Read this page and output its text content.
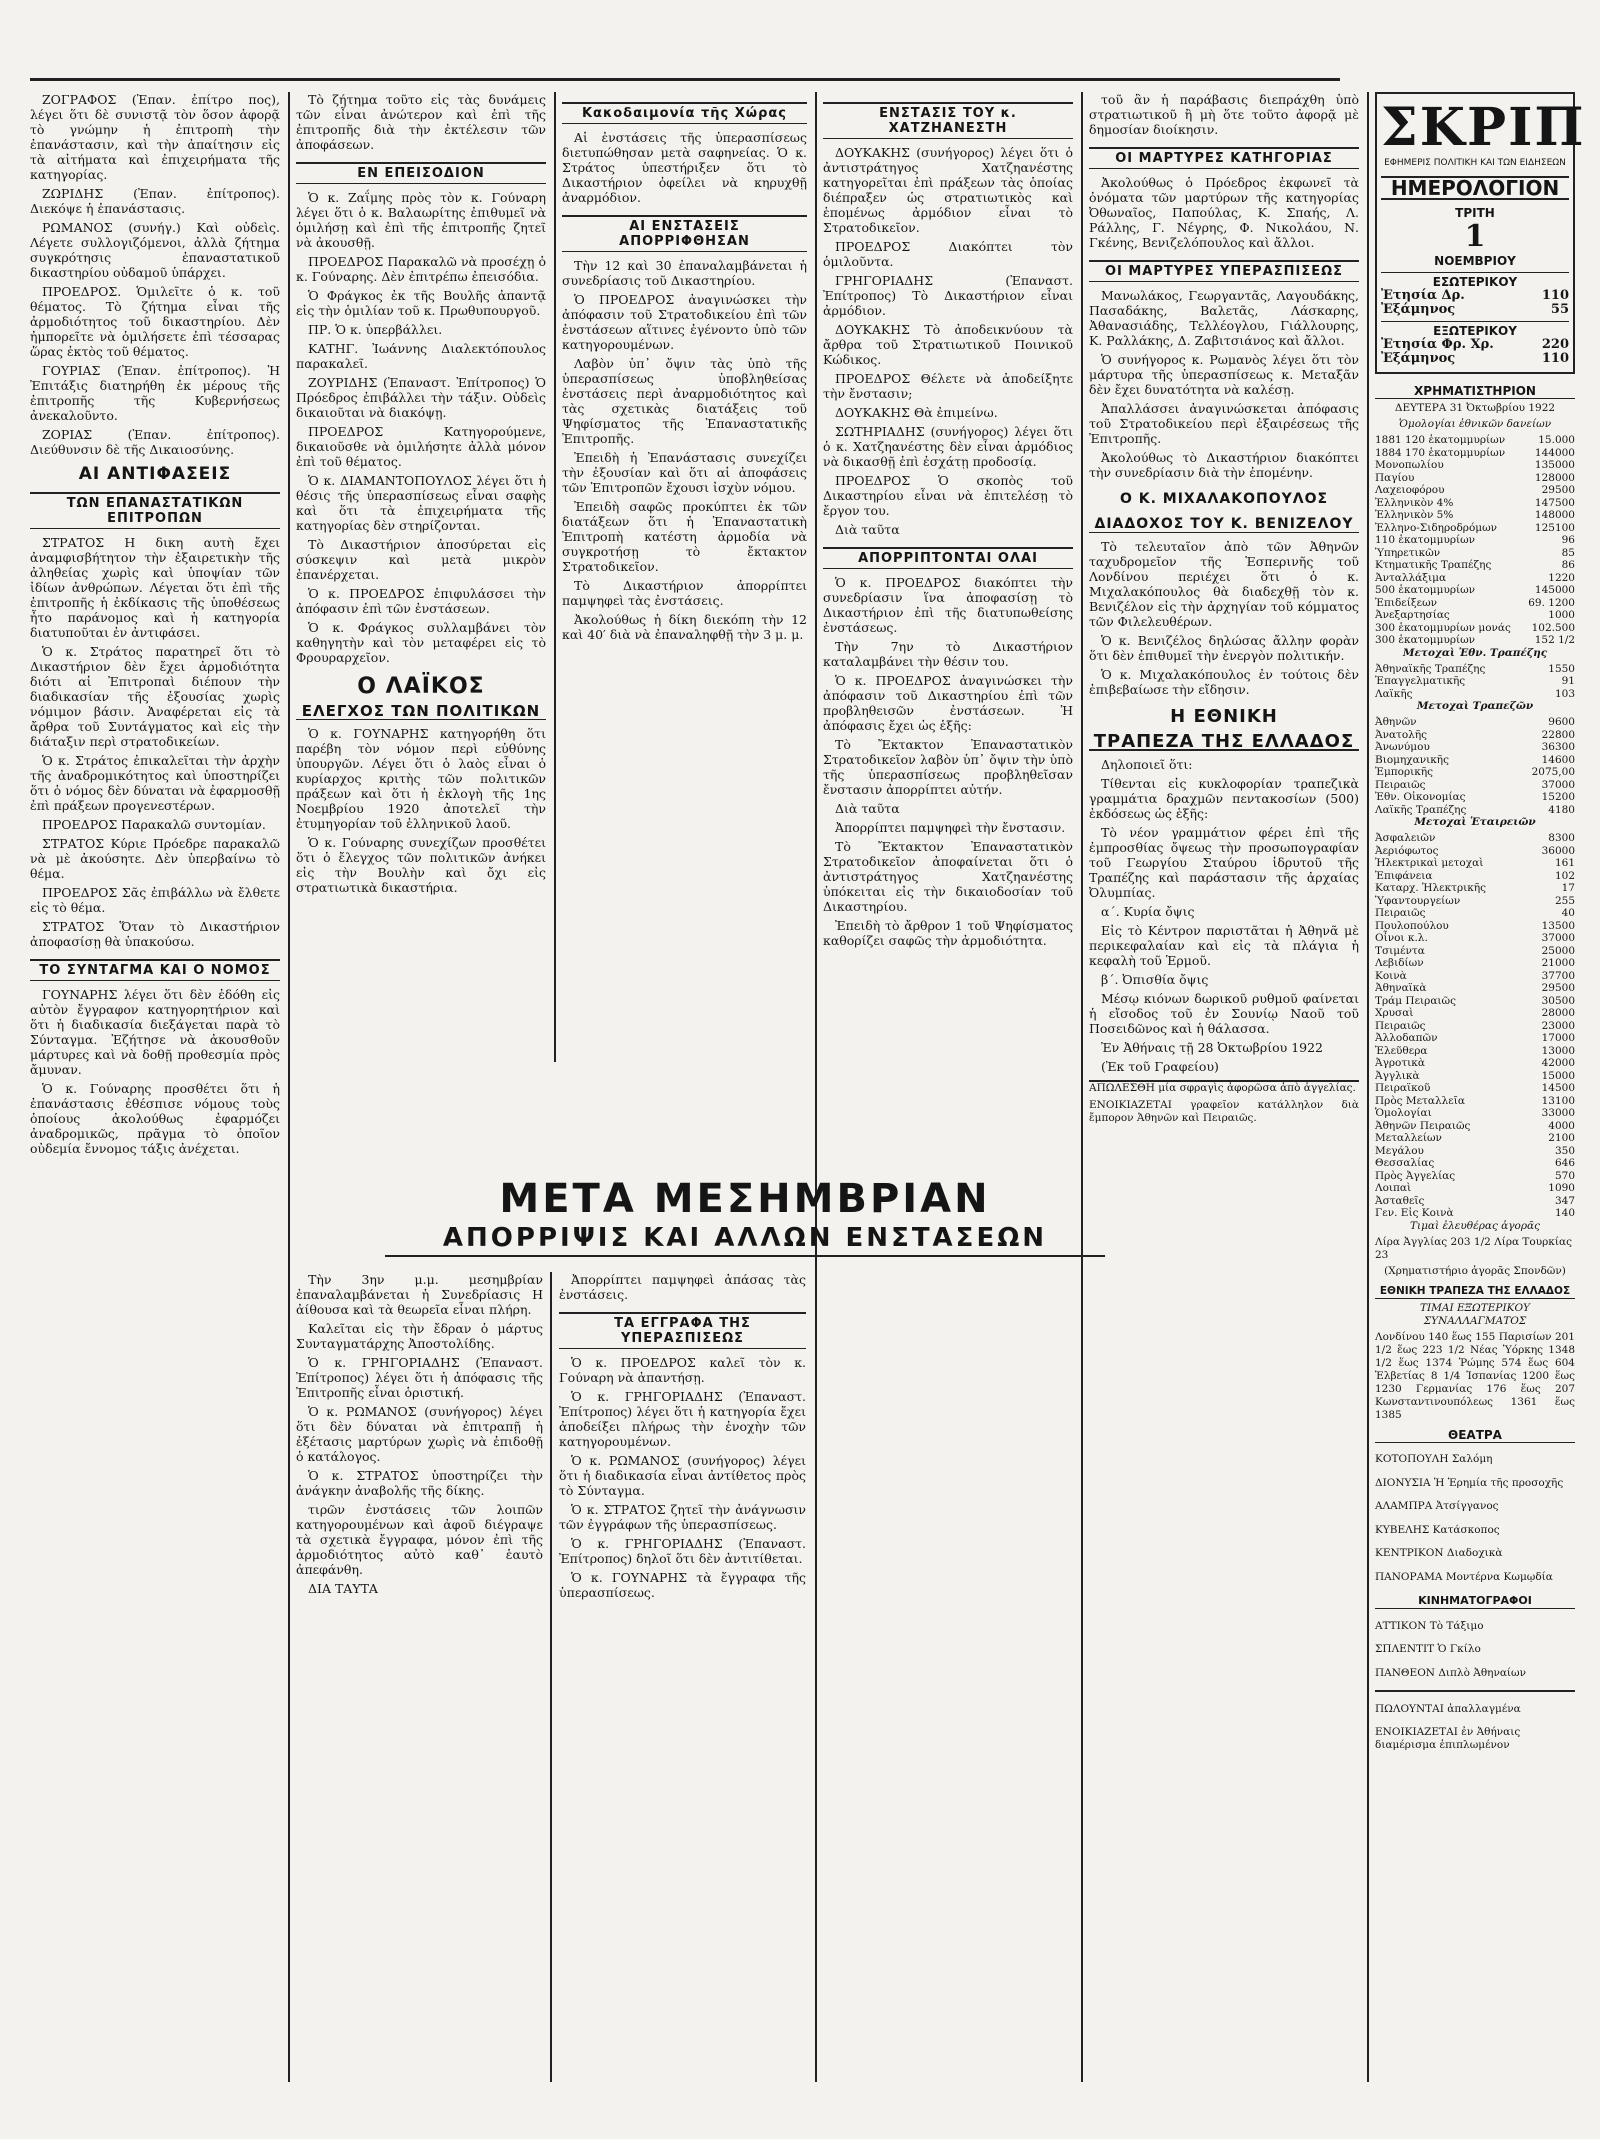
ΖΟΓΡΑΦΟΣ (Ἐπαν. ἐπίτρο πος), λέγει ὅτι δὲ συνιστᾷ τὸν ὅσον ἀφορᾷ τὸ γνώμην ἡ ἐπιτροπὴ τὴν ἐπανάστασιν, καὶ τὴν ἀπαίτησιν εἰς τὰ αἰτήματα καὶ ἐπιχειρήματα τῆς κατηγορίας.

ΖΩΡΙΔΗΣ (Ἐπαν. ἐπίτροπος). Διεκόψε ἡ ἐπανάστασις.

ΡΩΜΑΝΟΣ (συνήγ.) Καὶ οὐδεὶς. Λέγετε συλλογιζόμενοι, ἀλλὰ ζήτημα συγκρότησις ἐπαναστατικοῦ δικαστηρίου οὐδαμοῦ ὑπάρχει.

ΠΡΟΕΔΡΟΣ. Ὁμιλεῖτε ὁ κ. τοῦ θέματος. Τὸ ζήτημα εἶναι τῆς ἀρμοδιότητος τοῦ δικαστηρίου. Δὲν ἠμπορεῖτε νὰ ὁμιλήσετε ἐπὶ τέσσαρας ὥρας ἐκτὸς τοῦ θέματος.

ΓΟΥΡΙΑΣ (Ἐπαν. ἐπίτροπος). Ἡ Ἐπιτάξις διατηρήθη ἐκ μέρους τῆς ἐπιτροπῆς τῆς Κυβερνήσεως ἀνεκαλοῦντο.

ΖΟΡΙΑΣ (Ἐπαν. ἐπίτροπος). Διεύθυνσιν δὲ τῆς Δικαιοσύνης.

ΑΙ ΑΝΤΙΦΑΣΕΙΣ
ΤΩΝ ΕΠΑΝΑΣΤΑΤΙΚΩΝ ΕΠΙΤΡΟΠΩΝ

ΣΤΡΑΤΟΣ Η δικη αυτὴ ἔχει ἀναμφισβήτητον τὴν ἐξαιρετικὴν τῆς ἀληθείας χωρὶς καὶ ὑποψίαν τῶν ἰδίων ἀνθρώπων. Λέγεται ὅτι ἐπὶ τῆς ἐπιτροπῆς ἡ ἐκδίκασις τῆς ὑποθέσεως ἦτο παράνομος καὶ ἡ κατηγορία διατυποῦται ἐν ἀντιφάσει.

Ὁ κ. Στράτος παρατηρεῖ ὅτι τὸ Δικαστήριον δὲν ἔχει ἀρμοδιότητα διότι αἱ Ἐπιτροπαὶ διέπουν τὴν διαδικασίαν τῆς ἐξουσίας χωρὶς νόμιμον βάσιν. Ἀναφέρεται εἰς τὰ ἄρθρα τοῦ Συντάγματος καὶ εἰς τὴν διάταξιν περὶ στρατοδικείων.

Ὁ κ. Στράτος ἐπικαλεῖται τὴν ἀρχὴν τῆς ἀναδρομικότητος καὶ ὑποστηρίζει ὅτι ὁ νόμος δὲν δύναται νὰ ἐφαρμοσθῇ ἐπὶ πράξεων προγενεστέρων.

ΠΡΟΕΔΡΟΣ Παρακαλῶ συντομίαν.

ΣΤΡΑΤΟΣ Κύριε Πρόεδρε παρακαλῶ νὰ μὲ ἀκούσητε. Δὲν ὑπερβαίνω τὸ θέμα.

ΠΡΟΕΔΡΟΣ Σᾶς ἐπιβάλλω νὰ ἔλθετε εἰς τὸ θέμα.

ΣΤΡΑΤΟΣ Ὅταν τὸ Δικαστήριον ἀποφασίσῃ θὰ ὑπακούσω.

ΤΟ ΣΥΝΤΑΓΜΑ ΚΑΙ Ο ΝΟΜΟΣ

ΓΟΥΝΑΡΗΣ λέγει ὅτι δὲν ἐδόθη εἰς αὐτὸν ἔγγραφον κατηγορητήριον καὶ ὅτι ἡ διαδικασία διεξάγεται παρὰ τὸ Σύνταγμα. Ἐζήτησε νὰ ἀκουσθοῦν μάρτυρες καὶ νὰ δοθῇ προθεσμία πρὸς ἄμυναν.

Ὁ κ. Γούναρης προσθέτει ὅτι ἡ ἐπανάστασις ἐθέσπισε νόμους τοὺς ὁποίους ἀκολούθως ἐφαρμόζει ἀναδρομικῶς, πρᾶγμα τὸ ὁποῖον οὐδεμία ἔννομος τάξις ἀνέχεται.

Τὸ ζήτημα τοῦτο εἰς τὰς δυνάμεις τῶν εἶναι ἀνώτερον καὶ ἐπὶ τῆς ἐπιτροπῆς διὰ τὴν ἐκτέλεσιν τῶν ἀποφάσεων.

ΕΝ ΕΠΕΙΣΟΔΙΟΝ

Ὁ κ. Ζαΐμης πρὸς τὸν κ. Γούναρη λέγει ὅτι ὁ κ. Βαλαωρίτης ἐπιθυμεῖ νὰ ὁμιλήσῃ καὶ ἐπὶ τῆς ἐπιτροπῆς ζητεῖ νὰ ἀκουσθῇ.

ΠΡΟΕΔΡΟΣ Παρακαλῶ νὰ προσέχῃ ὁ κ. Γούναρης. Δὲν ἐπιτρέπω ἐπεισόδια.

Ὁ Φράγκος ἐκ τῆς Βουλῆς ἀπαντᾷ εἰς τὴν ὁμιλίαν τοῦ κ. Πρωθυπουργοῦ.

ΠΡ. Ὁ κ. ὑπερβάλλει.

ΚΑΤΗΓ. Ἰωάννης Διαλεκτόπουλος παρακαλεῖ.

ΖΟΥΡΙΔΗΣ (Ἐπαναστ. Ἐπίτροπος) Ὁ Πρόεδρος ἐπιβάλλει τὴν τάξιν. Οὐδεὶς δικαιοῦται νὰ διακόψῃ.

ΠΡΟΕΔΡΟΣ Κατηγορούμενε, δικαιοῦσθε νὰ ὁμιλήσητε ἀλλὰ μόνον ἐπὶ τοῦ θέματος.

Ὁ κ. ΔΙΑΜΑΝΤΟΠΟΥΛΟΣ λέγει ὅτι ἡ θέσις τῆς ὑπερασπίσεως εἶναι σαφὴς καὶ ὅτι τὰ ἐπιχειρήματα τῆς κατηγορίας δὲν στηρίζονται.

Τὸ Δικαστήριον ἀποσύρεται εἰς σύσκεψιν καὶ μετὰ μικρὸν ἐπανέρχεται.

Ὁ κ. ΠΡΟΕΔΡΟΣ ἐπιφυλάσσει τὴν ἀπόφασιν ἐπὶ τῶν ἐνστάσεων.

Ὁ κ. Φράγκος συλλαμβάνει τὸν καθηγητὴν καὶ τὸν μεταφέρει εἰς τὸ Φρουραρχεῖον.

Ο ΛΑΪΚΟΣ
ΕΛΕΓΧΟΣ ΤΩΝ ΠΟΛΙΤΙΚΩΝ

Ὁ κ. ΓΟΥΝΑΡΗΣ κατηγορήθη ὅτι παρέβη τὸν νόμον περὶ εὐθύνης ὑπουργῶν. Λέγει ὅτι ὁ λαὸς εἶναι ὁ κυρίαρχος κριτὴς τῶν πολιτικῶν πράξεων καὶ ὅτι ἡ ἐκλογὴ τῆς 1ης Νοεμβρίου 1920 ἀποτελεῖ τὴν ἐτυμηγορίαν τοῦ ἑλληνικοῦ λαοῦ.

Ὁ κ. Γούναρης συνεχίζων προσθέτει ὅτι ὁ ἔλεγχος τῶν πολιτικῶν ἀνήκει εἰς τὴν Βουλὴν καὶ ὄχι εἰς στρατιωτικὰ δικαστήρια.

Κακοδαιμονία τῆς Χώρας

Αἱ ἐνστάσεις τῆς ὑπερασπίσεως διετυπώθησαν μετὰ σαφηνείας. Ὁ κ. Στράτος ὑπεστήριξεν ὅτι τὸ Δικαστήριον ὀφείλει νὰ κηρυχθῇ ἀναρμόδιον.

ΑΙ ΕΝΣΤΑΣΕΙΣ ΑΠΟΡΡΙΦΘΗΣΑΝ

Τὴν 12 καὶ 30 ἐπαναλαμβάνεται ἡ συνεδρίασις τοῦ Δικαστηρίου.

Ὁ ΠΡΟΕΔΡΟΣ ἀναγινώσκει τὴν ἀπόφασιν τοῦ Στρατοδικείου ἐπὶ τῶν ἐνστάσεων αἵτινες ἐγένοντο ὑπὸ τῶν κατηγορουμένων.

Λαβὸν ὑπ᾽ ὄψιν τὰς ὑπὸ τῆς ὑπερασπίσεως ὑποβληθείσας ἐνστάσεις περὶ ἀναρμοδιότητος καὶ τὰς σχετικὰς διατάξεις τοῦ Ψηφίσματος τῆς Ἐπαναστατικῆς Ἐπιτροπῆς.

Ἐπειδὴ ἡ Ἐπανάστασις συνεχίζει τὴν ἐξουσίαν καὶ ὅτι αἱ ἀποφάσεις τῶν Ἐπιτροπῶν ἔχουσι ἰσχὺν νόμου.

Ἐπειδὴ σαφῶς προκύπτει ἐκ τῶν διατάξεων ὅτι ἡ Ἐπαναστατικὴ Ἐπιτροπὴ κατέστη ἀρμοδία νὰ συγκροτήσῃ τὸ ἔκτακτον Στρατοδικεῖον.

Τὸ Δικαστήριον ἀπορρίπτει παμψηφεὶ τὰς ἐνστάσεις.

Ἀκολούθως ἡ δίκη διεκόπη τὴν 12 καὶ 40′ διὰ νὰ ἐπαναληφθῇ τὴν 3 μ. μ.

ΜΕΤΑ ΜΕΣΗΜΒΡΙΑΝ
ΑΠΟΡΡΙΨΙΣ ΚΑΙ ΑΛΛΩΝ ΕΝΣΤΑΣΕΩΝ

Τὴν 3ην μ.μ. μεσημβρίαν ἐπαναλαμβάνεται ἡ Συνεδρίασις Η ἀίθουσα καὶ τὰ θεωρεῖα εἶναι πλήρη.

Καλεῖται εἰς τὴν ἔδραν ὁ μάρτυς Συνταγματάρχης Ἀποστολίδης.

Ὁ κ. ΓΡΗΓΟΡΙΑΔΗΣ (Ἐπαναστ. Ἐπίτροπος) λέγει ὅτι ἡ ἀπόφασις τῆς Ἐπιτροπῆς εἶναι ὁριστική.

Ὁ κ. ΡΩΜΑΝΟΣ (συνήγορος) λέγει ὅτι δὲν δύναται νὰ ἐπιτραπῇ ἡ ἐξέτασις μαρτύρων χωρὶς νὰ ἐπιδοθῇ ὁ κατάλογος.

Ὁ κ. ΣΤΡΑΤΟΣ ὑποστηρίζει τὴν ἀνάγκην ἀναβολῆς τῆς δίκης.

τιρῶν ἐνστάσεις τῶν λοιπῶν κατηγορουμένων καὶ ἀφοῦ διέγραψε τὰ σχετικὰ ἔγγραφα, μόνον ἐπὶ τῆς ἀρμοδιότητος αὐτὸ καθ᾽ ἑαυτὸ ἀπεφάνθη.

ΔΙΑ ΤΑΥΤΑ

Ἀπορρίπτει παμψηφεὶ ἁπάσας τὰς ἐνστάσεις.

ΤΑ ΕΓΓΡΑΦΑ ΤΗΣ ΥΠΕΡΑΣΠΙΣΕΩΣ

Ὁ κ. ΠΡΟΕΔΡΟΣ καλεῖ τὸν κ. Γούναρη νὰ ἀπαντήσῃ.

Ὁ κ. ΓΡΗΓΟΡΙΑΔΗΣ (Ἐπαναστ. Ἐπίτροπος) λέγει ὅτι ἡ κατηγορία ἔχει ἀποδείξει πλήρως τὴν ἐνοχὴν τῶν κατηγορουμένων.

Ὁ κ. ΡΩΜΑΝΟΣ (συνήγορος) λέγει ὅτι ἡ διαδικασία εἶναι ἀντίθετος πρὸς τὸ Σύνταγμα.

Ὁ κ. ΣΤΡΑΤΟΣ ζητεῖ τὴν ἀνάγνωσιν τῶν ἐγγράφων τῆς ὑπερασπίσεως.

Ὁ κ. ΓΡΗΓΟΡΙΑΔΗΣ (Ἐπαναστ. Ἐπίτροπος) δηλοῖ ὅτι δὲν ἀντιτίθεται.

Ὁ κ. ΓΟΥΝΑΡΗΣ τὰ ἔγγραφα τῆς ὑπερασπίσεως.

ΕΝΣΤΑΣΙΣ ΤΟΥ κ. ΧΑΤΖΗΑΝΕΣΤΗ

ΔΟΥΚΑΚΗΣ (συνήγορος) λέγει ὅτι ὁ ἀντιστράτηγος Χατζηανέστης κατηγορεῖται ἐπὶ πράξεων τὰς ὁποίας διέπραξεν ὡς στρατιωτικὸς καὶ ἑπομένως ἀρμόδιον εἶναι τὸ Στρατοδικεῖον.

ΠΡΟΕΔΡΟΣ Διακόπτει τὸν ὁμιλοῦντα.

ΓΡΗΓΟΡΙΑΔΗΣ (Ἐπαναστ. Ἐπίτροπος) Τὸ Δικαστήριον εἶναι ἀρμόδιον.

ΔΟΥΚΑΚΗΣ Τὸ ἀποδεικνύουν τὰ ἄρθρα τοῦ Στρατιωτικοῦ Ποινικοῦ Κώδικος.

ΠΡΟΕΔΡΟΣ Θέλετε νὰ ἀποδείξητε τὴν ἔνστασιν;

ΔΟΥΚΑΚΗΣ Θὰ ἐπιμείνω.

ΣΩΤΗΡΙΑΔΗΣ (συνήγορος) λέγει ὅτι ὁ κ. Χατζηανέστης δὲν εἶναι ἁρμόδιος νὰ δικασθῇ ἐπὶ ἐσχάτῃ προδοσίᾳ.

ΠΡΟΕΔΡΟΣ Ὁ σκοπὸς τοῦ Δικαστηρίου εἶναι νὰ ἐπιτελέσῃ τὸ ἔργον του.

Διὰ ταῦτα

ΑΠΟΡΡΙΠΤΟΝΤΑΙ ΟΛΑΙ

Ὁ κ. ΠΡΟΕΔΡΟΣ διακόπτει τὴν συνεδρίασιν ἵνα ἀποφασίσῃ τὸ Δικαστήριον ἐπὶ τῆς διατυπωθείσης ἐνστάσεως.

Τὴν 7ην τὸ Δικαστήριον καταλαμβάνει τὴν θέσιν του.

Ὁ κ. ΠΡΟΕΔΡΟΣ ἀναγινώσκει τὴν ἀπόφασιν τοῦ Δικαστηρίου ἐπὶ τῶν προβληθεισῶν ἐνστάσεων. Ἡ ἀπόφασις ἔχει ὡς ἑξῆς:

Τὸ Ἔκτακτον Ἐπαναστατικὸν Στρατοδικεῖον λαβὸν ὑπ᾽ ὄψιν τὴν ὑπὸ τῆς ὑπερασπίσεως προβληθεῖσαν ἔνστασιν ἀπορρίπτει αὐτήν.

Διὰ ταῦτα

Ἀπορρίπτει παμψηφεὶ τὴν ἔνστασιν.

Τὸ Ἔκτακτον Ἐπαναστατικὸν Στρατοδικεῖον ἀποφαίνεται ὅτι ὁ ἀντιστράτηγος Χατζηανέστης ὑπόκειται εἰς τὴν δικαιοδοσίαν τοῦ Δικαστηρίου.

Ἐπειδὴ τὸ ἄρθρον 1 τοῦ Ψηφίσματος καθορίζει σαφῶς τὴν ἀρμοδιότητα.

τοῦ ἂν ἡ παράβασις διεπράχθη ὑπὸ στρατιωτικοῦ ἢ μὴ ὅτε τοῦτο ἀφορᾷ μὲ δημοσίαν διοίκησιν.

ΟΙ ΜΑΡΤΥΡΕΣ ΚΑΤΗΓΟΡΙΑΣ

Ἀκολούθως ὁ Πρόεδρος ἐκφωνεῖ τὰ ὀνόματα τῶν μαρτύρων τῆς κατηγορίας Ὀθωναῖος, Παπούλας, Κ. Σπαής, Λ. Ράλλης, Γ. Νέγρης, Φ. Νικολάου, Ν. Γκένης, Βενιζελόπουλος καὶ ἄλλοι.

ΟΙ ΜΑΡΤΥΡΕΣ ΥΠΕΡΑΣΠΙΣΕΩΣ

Μανωλάκος, Γεωργαντᾶς, Λαγουδάκης, Πασαδάκης, Βαλετᾶς, Λάσκαρης, Ἀθανασιάδης, Τελλέογλου, Γιάλλουρης, Κ. Ραλλάκης, Δ. Ζαβιτσιάνος καὶ ἄλλοι.

Ὁ συνήγορος κ. Ρωμανὸς λέγει ὅτι τὸν μάρτυρα τῆς ὑπερασπίσεως κ. Μεταξᾶν δὲν ἔχει δυνατότητα νὰ καλέσῃ.

Ἀπαλλάσσει ἀναγινώσκεται ἀπόφασις τοῦ Στρατοδικείου περὶ ἐξαιρέσεως τῆς Ἐπιτροπῆς.

Ἀκολούθως τὸ Δικαστήριον διακόπτει τὴν συνεδρίασιν διὰ τὴν ἐπομένην.

Ο Κ. ΜΙΧΑΛΑΚΟΠΟΥΛΟΣ
ΔΙΑΔΟΧΟΣ ΤΟΥ Κ. ΒΕΝΙΖΕΛΟΥ

Τὸ τελευταῖον ἀπὸ τῶν Ἀθηνῶν ταχυδρομεῖον τῆς Ἑσπερινῆς τοῦ Λονδίνου περιέχει ὅτι ὁ κ. Μιχαλακόπουλος θὰ διαδεχθῇ τὸν κ. Βενιζέλον εἰς τὴν ἀρχηγίαν τοῦ κόμματος τῶν Φιλελευθέρων.

Ὁ κ. Βενιζέλος δηλώσας ἄλλην φορὰν ὅτι δὲν ἐπιθυμεῖ τὴν ἐνεργὸν πολιτικήν.

Ὁ κ. Μιχαλακόπουλος ἐν τούτοις δὲν ἐπιβεβαίωσε τὴν εἴδησιν.

Η ΕΘΝΙΚΗ
ΤΡΑΠΕΖΑ ΤΗΣ ΕΛΛΑΔΟΣ

Δηλοποιεῖ ὅτι:

Τίθενται εἰς κυκλοφορίαν τραπεζικὰ γραμμάτια δραχμῶν πεντακοσίων (500) ἐκδόσεως ὡς ἑξῆς:

Τὸ νέον γραμμάτιον φέρει ἐπὶ τῆς ἐμπροσθίας ὄψεως τὴν προσωπογραφίαν τοῦ Γεωργίου Σταύρου ἱδρυτοῦ τῆς Τραπέζης καὶ παράστασιν τῆς ἀρχαίας Ὀλυμπίας.

α΄. Κυρία ὄψις

Εἰς τὸ Κέντρον παριστᾶται ἡ Ἀθηνᾶ μὲ περικεφαλαίαν καὶ εἰς τὰ πλάγια ἡ κεφαλὴ τοῦ Ἑρμοῦ.

β΄. Ὀπισθία ὄψις

Μέσῳ κιόνων δωρικοῦ ρυθμοῦ φαίνεται ἡ εἴσοδος τοῦ ἐν Σουνίῳ Ναοῦ τοῦ Ποσειδῶνος καὶ ἡ θάλασσα.

Ἐν Ἀθήναις τῇ 28 Ὀκτωβρίου 1922

(Ἐκ τοῦ Γραφείου)

ΑΠΩΛΕΣΘΗ μία σφραγὶς ἀφορῶσα ἀπὸ ἀγγελίας.

ΕΝΟΙΚΙΑΖΕΤΑΙ γραφεῖον κατάλληλον διὰ ἔμπορον Ἀθηνῶν καὶ Πειραιῶς.

ΣΚΡΙΠ
ΕΦΗΜΕΡΙΣ ΠΟΛΙΤΙΚΗ ΚΑΙ ΤΩΝ ΕΙΔΗΣΕΩΝ
ΗΜΕΡΟΛΟΓΙΟΝ
ΤΡΙΤΗ
1
ΝΟΕΜΒΡΙΟΥ
ΕΣΩΤΕΡΙΚΟΥ
Ἐτησία Δρ.	110
Ἐξάμηνος	55
ΕΞΩΤΕΡΙΚΟΥ
Ἐτησία Φρ. Χρ.	220
Ἐξάμηνος	110
ΧΡΗΜΑΤΙΣΤΗΡΙΟΝ
ΔΕΥΤΕΡΑ 31 Ὀκτωβρίου 1922
Ὁμολογίαι ἐθνικῶν δανείων
1881 120 ἑκατομμυρίων	15.000
1884 170 ἑκατομμυρίων	144000
Μονοπωλίου	135000
Παγίου	128000
Λαχειοφόρου	29500
Ἐλληνικὸν 4%	147500
Ἐλληνικὸν 5%	148000
Ἐλληνο-Σιδηροδρόμων	125100
110 ἑκατομμυρίων	96
Ὑπηρετικῶν	85
Κτηματικῆς Τραπέζης	86
Ἀνταλλάξιμα	1220
500 ἑκατομμυρίων	145000
Ἐπιδείξεων	69. 1200
Ἀνεξαρτησίας	1000
300 ἑκατομμυρίων μονάς	102.500
300 ἑκατομμυρίων	152 1/2
Μετοχαὶ Ἐθν. Τραπέζης
Ἀθηναϊκῆς Τραπέζης	1550
Ἐπαγγελματικῆς	91
Λαϊκῆς	103
Μετοχαὶ Τραπεζῶν
Ἀθηνῶν	9600
Ἀνατολῆς	22800
Ἀνωνύμου	36300
Βιομηχανικῆς	14600
Ἐμπορικῆς	2075,00
Πειραιῶς	37000
Ἐθν. Οἰκονομίας	15200
Λαϊκῆς Τραπέζης	4180
Μετοχαὶ Ἑταιρειῶν
Ἀσφαλειῶν	8300
Ἀεριόφωτος	36000
Ἠλεκτρικαὶ μετοχαὶ	161
Ἐπιφάνεια	102
Καταρχ. Ἠλεκτρικῆς	17
Ὑφαντουργείων	255
Πειραιῶς	40
Πουλοπούλου	13500
Οἶνοι κ.λ.	37000
Τσιμέντα	25000
Λεβιδίων	21000
Κοινὰ	37700
Ἀθηναϊκὰ	29500
Τράμ Πειραιῶς	30500
Χρυσαὶ	28000
Πειραιῶς	23000
Ἀλλοδαπῶν	17000
Ἐλεῦθερα	13000
Ἀγροτικὰ	42000
Ἀγγλικὰ	15000
Πειραϊκοῦ	14500
Πρὸς Μεταλλεῖα	13100
Ὁμολογίαι	33000
Ἀθηνῶν Πειραιῶς	4000
Μεταλλείων	2100
Μεγάλου	350
Θεσσαλίας	646
Πρὸς Ἀγγελίας	570
Λοιπαὶ	1090
Ἀσταθεῖς	347
Γεν. Εἰς Κοινὰ	140
Τιμαὶ ἐλευθέρας ἀγορᾶς
Λίρα Ἀγγλίας 203 1/2 Λίρα Τουρκίας 23
(Χρηματιστήριο ἀγορᾶς Σπονδῶν)
ΕΘΝΙΚΗ ΤΡΑΠΕΖΑ ΤΗΣ ΕΛΛΑΔΟΣ
ΤΙΜΑΙ ΕΞΩΤΕΡΙΚΟΥ ΣΥΝΑΛΛΑΓΜΑΤΟΣ
Λονδίνου 140 ἕως 155 Παρισίων 201 1/2 ἕως 223 1/2 Νέας Ὑόρκης 1348 1/2 ἕως 1374 Ῥώμης 574 ἕως 604 Ἑλβετίας 8 1/4 Ἰσπανίας 1200 ἕως 1230 Γερμανίας 176 ἕως 207 Κωνσταντινουπόλεως 1361 ἕως 1385
ΘΕΑΤΡΑ

ΚΟΤΟΠΟΥΛΗ Σαλόμη

ΔΙΟΝΥΣΙΑ Ἡ Ἐρημία τῆς προσοχῆς

ΑΛΑΜΠΡΑ Ἀτσίγγανος

ΚΥΒΕΛΗΣ Κατάσκοπος

ΚΕΝΤΡΙΚΟΝ Διαδοχικὰ

ΠΑΝΟΡΑΜΑ Μοντέρνα Κωμῳδία

ΚΙΝΗΜΑΤΟΓΡΑΦΟΙ

ΑΤΤΙΚΟΝ Τὸ Τάξιμο

ΣΠΛΕΝΤΙΤ Ὁ Γκίλο

ΠΑΝΘΕΟΝ Διπλὸ Ἀθηναίων

ΠΩΛΟΥΝΤΑΙ ἀπαλλαγμένα

ΕΝΟΙΚΙΑΖΕΤΑΙ ἐν Ἀθήναις διαμέρισμα ἐπιπλωμένον
